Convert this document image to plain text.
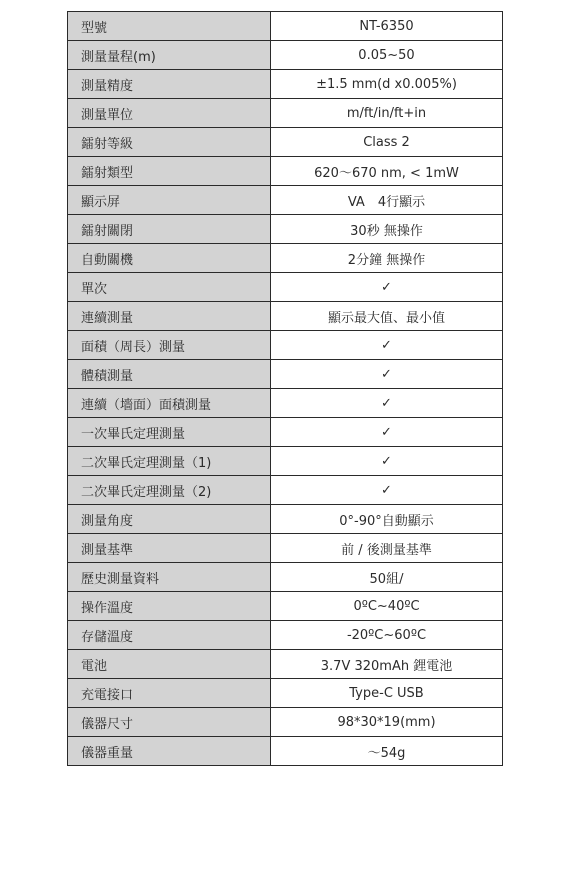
型號	NT-6350
測量量程(m)	0.05~50
測量精度	±1.5 mm(d x0.005%)
測量單位	m/ft/in/ft+in
鐳射等級	Class 2
鐳射類型	620～670 nm, < 1mW
顯示屏	VA　4行顯示
鐳射關閉	30秒 無操作
自動關機	2分鐘 無操作
單次	✓
連續測量	顯示最大值、最小值
面積（周長）測量	✓
體積測量	✓
連續（墻面）面積測量	✓
一次畢氏定理測量	✓
二次畢氏定理測量（1)	✓
二次畢氏定理測量（2)	✓
測量角度	0°-90°自動顯示
測量基準	前 / 後測量基準
歷史測量資料	50組/
操作溫度	0ºC~40ºC
存儲溫度	-20ºC~60ºC
電池	3.7V 320mAh 鋰電池
充電接口	Type-C USB
儀器尺寸	98*30*19(mm)
儀器重量	～54g
